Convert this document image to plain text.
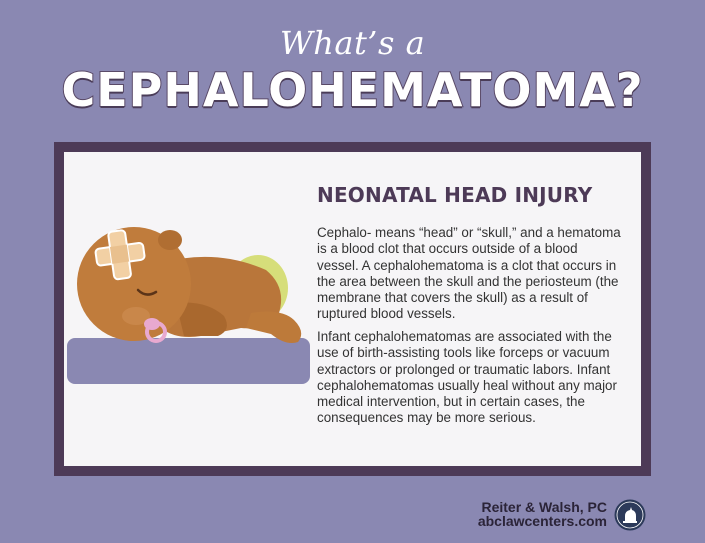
What’s a
CEPHALOHEMATOMA?
NEONATAL HEAD INJURY

Cephalo- means “head” or “skull,” and a hematoma is a blood clot that occurs outside of a blood vessel. A cephalohematoma is a clot that occurs in the area between the skull and the periosteum (the membrane that covers the skull) as a result of ruptured blood vessels.

Infant cephalohematomas are associated with the use of birth-assisting tools like forceps or vacuum extractors or prolonged or traumatic labors. Infant cephalohematomas usually heal without any major medical intervention, but in certain cases, the consequences may be more serious.

Reiter & Walsh, PC
abclawcenters.com
